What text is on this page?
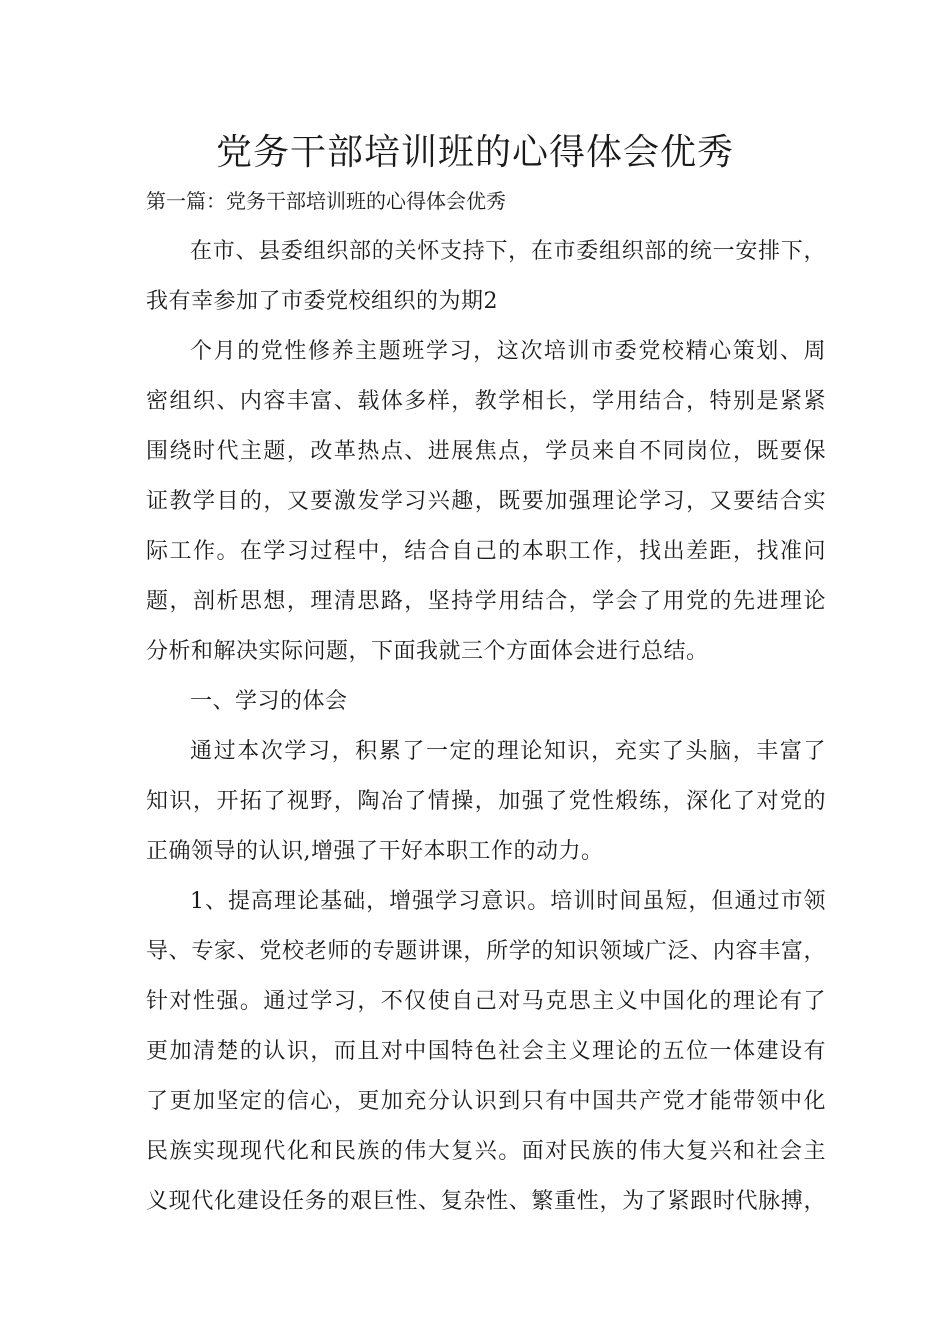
党务干部培训班的心得体会优秀

第一篇：党务干部培训班的心得体会优秀

在市、县委组织部的关怀支持下，在市委组织部的统一安排下，

我有幸参加了市委党校组织的为期2

个月的党性修养主题班学习，这次培训市委党校精心策划、周

密组织、内容丰富、载体多样，教学相长，学用结合，特别是紧紧

围绕时代主题，改革热点、进展焦点，学员来自不同岗位，既要保

证教学目的，又要激发学习兴趣，既要加强理论学习，又要结合实

际工作。在学习过程中，结合自己的本职工作，找出差距，找准问

题，剖析思想，理清思路，坚持学用结合，学会了用党的先进理论

分析和解决实际问题，下面我就三个方面体会进行总结。

一、学习的体会

通过本次学习，积累了一定的理论知识，充实了头脑，丰富了

知识，开拓了视野，陶冶了情操，加强了党性煅练，深化了对党的

正确领导的认识,增强了干好本职工作的动力。

1、提高理论基础，增强学习意识。培训时间虽短，但通过市领

导、专家、党校老师的专题讲课，所学的知识领域广泛、内容丰富，

针对性强。通过学习，不仅使自己对马克思主义中国化的理论有了

更加清楚的认识，而且对中国特色社会主义理论的五位一体建设有

了更加坚定的信心，更加充分认识到只有中国共产党才能带领中化

民族实现现代化和民族的伟大复兴。面对民族的伟大复兴和社会主

义现代化建设任务的艰巨性、复杂性、繁重性，为了紧跟时代脉搏，
